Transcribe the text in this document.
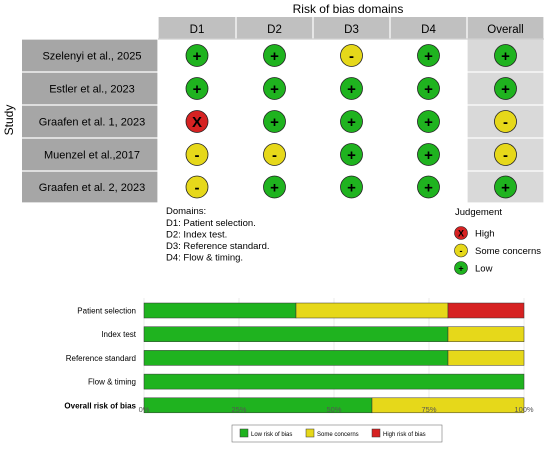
Risk of bias domains
Study
D1	D2	D3	D4	Overall
Szelenyi et al., 2025	+	+	-	+	+
Estler et al., 2023	+	+	+	+	+
Graafen et al. 1, 2023	X	+	+	+	-
Muenzel et al.,2017	-	-	+	+	-
Graafen et al. 2, 2023	-	+	+	+	+
Domains:
D1: Patient selection.
D2: Index test.
D3: Reference standard.
D4: Flow & timing.
Judgement
X High
- Some concerns
+ Low
Patient selection
Index test
Reference standard
Flow & timing
Overall risk of bias 0%	25%	50%	75%	100%
Low risk of bias	Some concerns	High risk of bias
